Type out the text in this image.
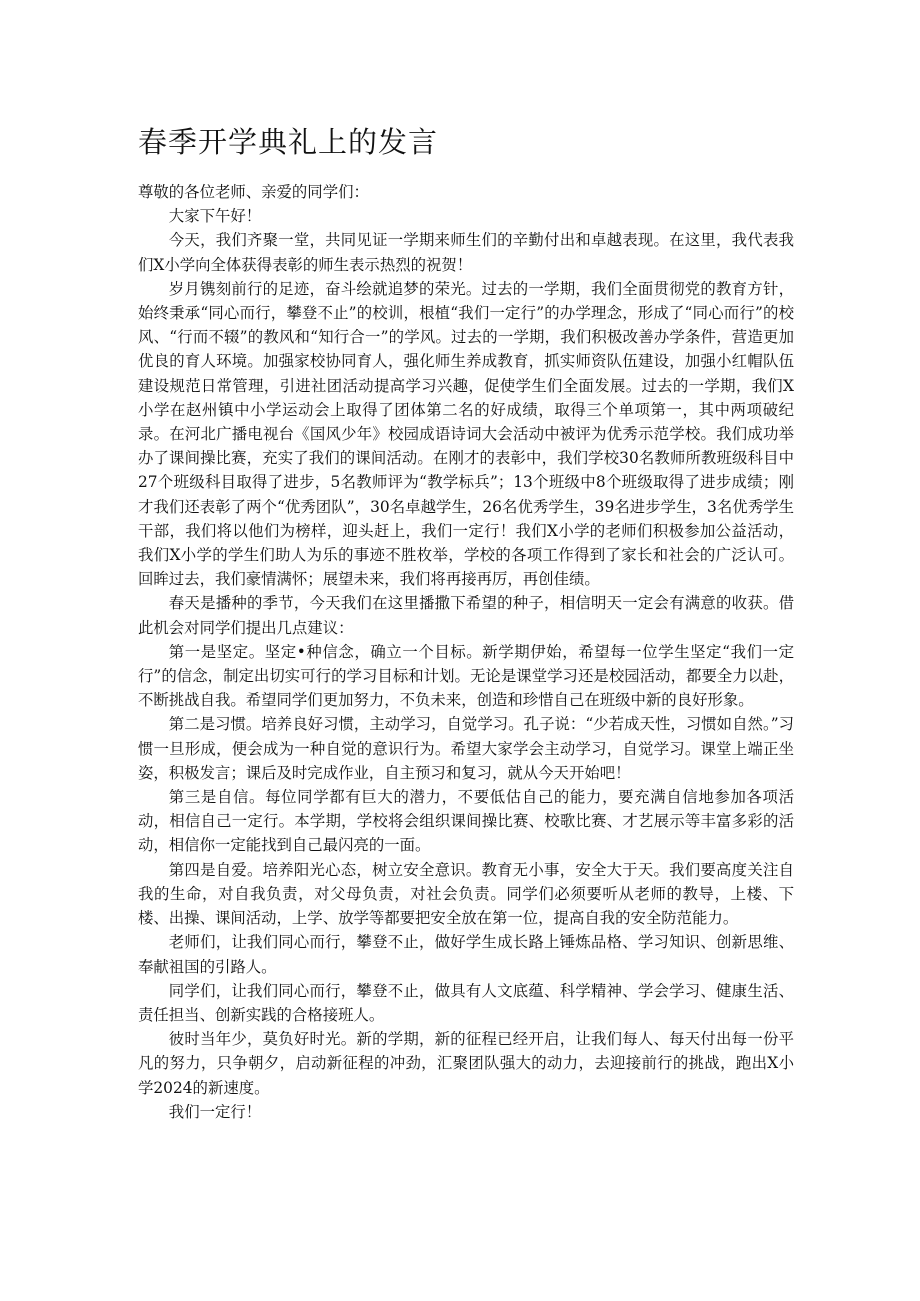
春季开学典礼上的发言

尊敬的各位老师、亲爱的同学们：

大家下午好！

今天，我们齐聚一堂，共同见证一学期来师生们的辛勤付出和卓越表现。在这里，我代表我们X小学向全体获得表彰的师生表示热烈的祝贺！

岁月镌刻前行的足迹，奋斗绘就追梦的荣光。过去的一学期，我们全面贯彻党的教育方针，始终秉承“同心而行，攀登不止”的校训，根植“我们一定行”的办学理念，形成了“同心而行”的校风、“行而不辍”的教风和“知行合一”的学风。过去的一学期，我们积极改善办学条件，营造更加优良的育人环境。加强家校协同育人，强化师生养成教育，抓实师资队伍建设，加强小红帽队伍建设规范日常管理，引进社团活动提高学习兴趣，促使学生们全面发展。过去的一学期，我们X小学在赵州镇中小学运动会上取得了团体第二名的好成绩，取得三个单项第一，其中两项破纪录。在河北广播电视台《国风少年》校园成语诗词大会活动中被评为优秀示范学校。我们成功举办了课间操比赛，充实了我们的课间活动。在刚才的表彰中，我们学校30名教师所教班级科目中27个班级科目取得了进步，5名教师评为“教学标兵”；13个班级中8个班级取得了进步成绩；刚才我们还表彰了两个“优秀团队”，30名卓越学生，26名优秀学生，39名进步学生，3名优秀学生干部，我们将以他们为榜样，迎头赶上，我们一定行！我们X小学的老师们积极参加公益活动，我们X小学的学生们助人为乐的事迹不胜枚举，学校的各项工作得到了家长和社会的广泛认可。回眸过去，我们豪情满怀；展望未来，我们将再接再厉，再创佳绩。

春天是播种的季节，今天我们在这里播撒下希望的种子，相信明天一定会有满意的收获。借此机会对同学们提出几点建议：

第一是坚定。坚定•种信念，确立一个目标。新学期伊始，希望每一位学生坚定“我们一定行”的信念，制定出切实可行的学习目标和计划。无论是课堂学习还是校园活动，都要全力以赴，不断挑战自我。希望同学们更加努力，不负未来，创造和珍惜自己在班级中新的良好形象。

第二是习惯。培养良好习惯，主动学习，自觉学习。孔子说：“少若成天性，习惯如自然。”习惯一旦形成，便会成为一种自觉的意识行为。希望大家学会主动学习，自觉学习。课堂上端正坐姿，积极发言；课后及时完成作业，自主预习和复习，就从今天开始吧！

第三是自信。每位同学都有巨大的潜力，不要低估自己的能力，要充满自信地参加各项活动，相信自己一定行。本学期，学校将会组织课间操比赛、校歌比赛、才艺展示等丰富多彩的活动，相信你一定能找到自己最闪亮的一面。

第四是自爱。培养阳光心态，树立安全意识。教育无小事，安全大于天。我们要高度关注自我的生命，对自我负责，对父母负责，对社会负责。同学们必须要听从老师的教导，上楼、下楼、出操、课间活动，上学、放学等都要把安全放在第一位，提高自我的安全防范能力。

老师们，让我们同心而行，攀登不止，做好学生成长路上锤炼品格、学习知识、创新思维、奉献祖国的引路人。

同学们，让我们同心而行，攀登不止，做具有人文底蕴、科学精神、学会学习、健康生活、责任担当、创新实践的合格接班人。

彼时当年少，莫负好时光。新的学期，新的征程已经开启，让我们每人、每天付出每一份平凡的努力，只争朝夕，启动新征程的冲劲，汇聚团队强大的动力，去迎接前行的挑战，跑出X小学2024的新速度。

我们一定行！
